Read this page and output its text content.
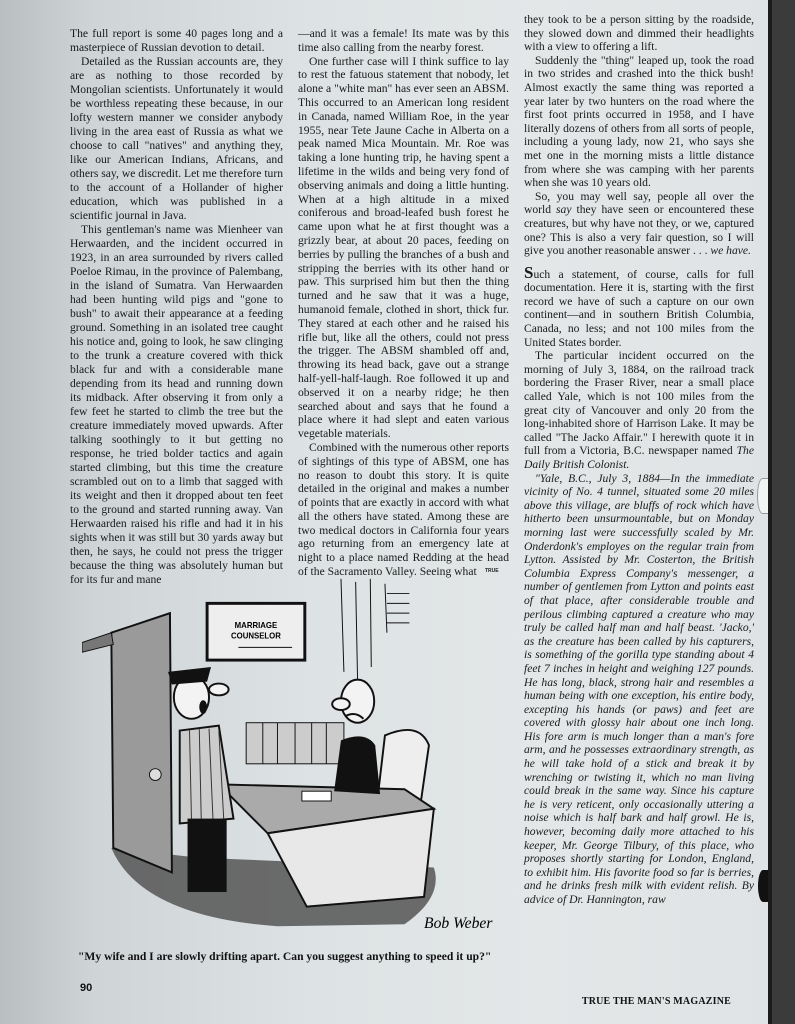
The full report is some 40 pages long and a masterpiece of Russian devotion to detail.

Detailed as the Russian accounts are, they are as nothing to those recorded by Mongolian scientists. Unfortunately it would be worthless repeating these because, in our lofty western manner we consider anybody living in the area east of Russia as what we choose to call "natives" and anything they, like our American Indians, Africans, and others say, we discredit. Let me therefore turn to the account of a Hollander of higher education, which was published in a scientific journal in Java.

This gentleman's name was Mienheer van Herwaarden, and the incident occurred in 1923, in an area surrounded by rivers called Poeloe Rimau, in the province of Palembang, in the island of Sumatra. Van Herwaarden had been hunting wild pigs and "gone to bush" to await their appearance at a feeding ground. Something in an isolated tree caught his notice and, going to look, he saw clinging to the trunk a creature covered with thick black fur and with a considerable mane depending from its head and running down its midback. After observing it from only a few feet he started to climb the tree but the creature immediately moved upwards. After talking soothingly to it but getting no response, he tried bolder tactics and again started climbing, but this time the creature scrambled out on to a limb that sagged with its weight and then it dropped about ten feet to the ground and started running away. Van Herwaarden raised his rifle and had it in his sights when it was still but 30 yards away but then, he says, he could not press the trigger because the thing was absolutely human but for its fur and mane

—and it was a female! Its mate was by this time also calling from the nearby forest.

One further case will I think suffice to lay to rest the fatuous statement that nobody, let alone a "white man" has ever seen an ABSM. This occurred to an American long resident in Canada, named William Roe, in the year 1955, near Tete Jaune Cache in Alberta on a peak named Mica Mountain. Mr. Roe was taking a lone hunting trip, he having spent a lifetime in the wilds and being very fond of observing animals and doing a little hunting. When at a high altitude in a mixed coniferous and broad-leafed bush forest he came upon what he at first thought was a grizzly bear, at about 20 paces, feeding on berries by pulling the branches of a bush and stripping the berries with its other hand or paw. This surprised him but then the thing turned and he saw that it was a huge, humanoid female, clothed in short, thick fur. They stared at each other and he raised his rifle but, like all the others, could not press the trigger. The ABSM shambled off and, throwing its head back, gave out a strange half-yell-half-laugh. Roe followed it up and observed it on a nearby ridge; he then searched about and says that he found a place where it had slept and eaten various vegetable materials.

Combined with the numerous other reports of sightings of this type of ABSM, one has no reason to doubt this story. It is quite detailed in the original and makes a number of points that are exactly in accord with what all the others have stated. Among these are two medical doctors in California four years ago returning from an emergency late at night to a place named Redding at the head of the Sacramento Valley. Seeing what

they took to be a person sitting by the roadside, they slowed down and dimmed their headlights with a view to offering a lift.

Suddenly the "thing" leaped up, took the road in two strides and crashed into the thick bush! Almost exactly the same thing was reported a year later by two hunters on the road where the first foot prints occurred in 1958, and I have literally dozens of others from all sorts of people, including a young lady, now 21, who says she met one in the morning mists a little distance from where she was camping with her parents when she was 10 years old.

So, you may well say, people all over the world say they have seen or encountered these creatures, but why have not they, or we, captured one? This is also a very fair question, so I will give you another reasonable answer . . . we have.

Such a statement, of course, calls for full documentation. Here it is, starting with the first record we have of such a capture on our own continent—and in southern British Columbia, Canada, no less; and not 100 miles from the United States border.

The particular incident occurred on the morning of July 3, 1884, on the railroad track bordering the Fraser River, near a small place called Yale, which is not 100 miles from the great city of Vancouver and only 20 from the long-inhabited shore of Harrison Lake. It may be called "The Jacko Affair." I herewith quote it in full from a Victoria, B.C. newspaper named The Daily British Colonist.

"Yale, B.C., July 3, 1884—In the immediate vicinity of No. 4 tunnel, situated some 20 miles above this village, are bluffs of rock which have hitherto been unsurmountable, but on Monday morning last were successfully scaled by Mr. Onderdonk's employes on the regular train from Lytton. Assisted by Mr. Costerton, the British Columbia Express Company's messenger, a number of gentlemen from Lytton and points east of that place, after considerable trouble and perilous climbing captured a creature who may truly be called half man and half beast. 'Jacko,' as the creature has been called by his capturers, is something of the gorilla type standing about 4 feet 7 inches in height and weighing 127 pounds. He has long, black, strong hair and resembles a human being with one exception, his entire body, excepting his hands (or paws) and feet are covered with glossy hair about one inch long. His fore arm is much longer than a man's fore arm, and he possesses extraordinary strength, as he will take hold of a stick and break it by wrenching or twisting it, which no man living could break in the same way. Since his capture he is very reticent, only occasionally uttering a noise which is half bark and half growl. He is, however, becoming daily more attached to his keeper, Mr. George Tilbury, of this place, who proposes shortly starting for London, England, to exhibit him. His favorite food so far is berries, and he drinks fresh milk with evident relish. By advice of Dr. Hannington, raw

TRUE
MARRIAGE
COUNSELOR
Bob Weber
"My wife and I are slowly drifting apart. Can you suggest anything to speed it up?"
90
TRUE THE MAN'S MAGAZINE
